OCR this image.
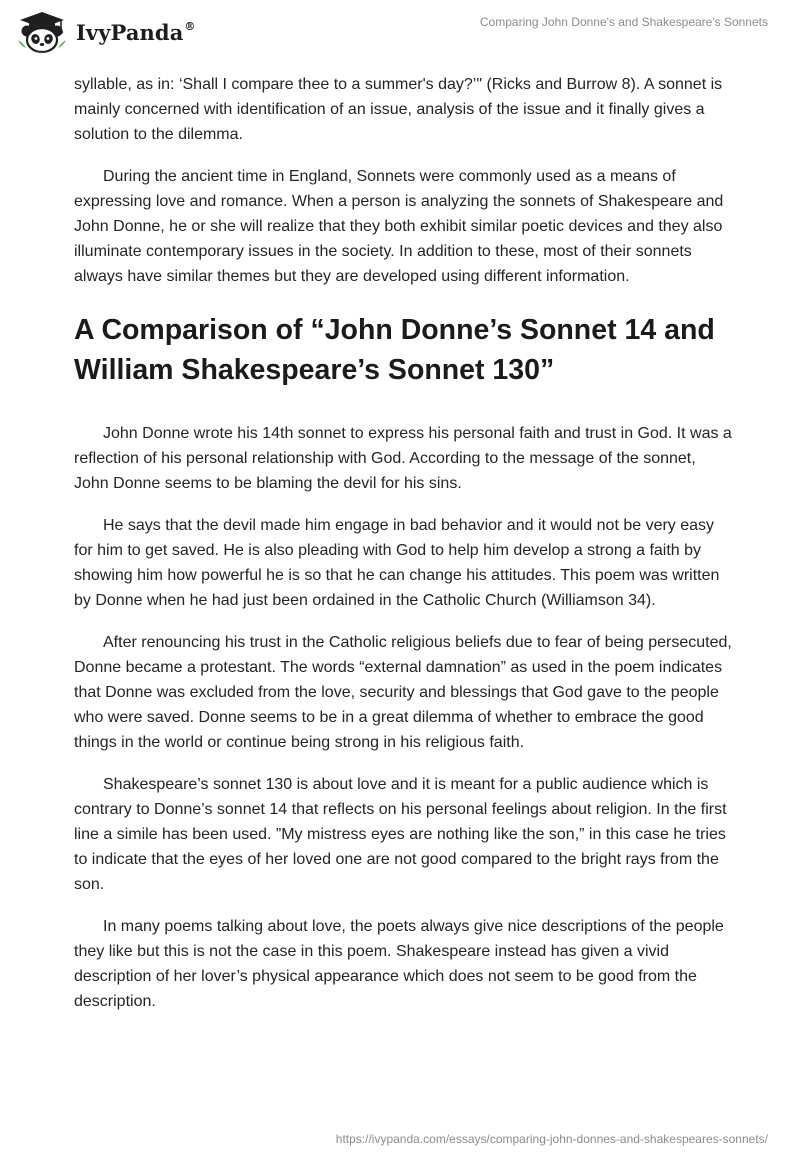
IvyPanda®	Comparing John Donne's and Shakespeare's Sonnets

syllable, as in: ‘Shall I compare thee to a summer's day?’" (Ricks and Burrow 8). A sonnet is mainly concerned with identification of an issue, analysis of the issue and it finally gives a solution to the dilemma.

During the ancient time in England, Sonnets were commonly used as a means of expressing love and romance. When a person is analyzing the sonnets of Shakespeare and John Donne, he or she will realize that they both exhibit similar poetic devices and they also illuminate contemporary issues in the society. In addition to these, most of their sonnets always have similar themes but they are developed using different information.

A Comparison of “John Donne’s Sonnet 14 and William Shakespeare’s Sonnet 130”

John Donne wrote his 14th sonnet to express his personal faith and trust in God. It was a reflection of his personal relationship with God. According to the message of the sonnet, John Donne seems to be blaming the devil for his sins.

He says that the devil made him engage in bad behavior and it would not be very easy for him to get saved. He is also pleading with God to help him develop a strong a faith by showing him how powerful he is so that he can change his attitudes. This poem was written by Donne when he had just been ordained in the Catholic Church (Williamson 34).

After renouncing his trust in the Catholic religious beliefs due to fear of being persecuted, Donne became a protestant. The words “external damnation” as used in the poem indicates that Donne was excluded from the love, security and blessings that God gave to the people who were saved. Donne seems to be in a great dilemma of whether to embrace the good things in the world or continue being strong in his religious faith.

Shakespeare’s sonnet 130 is about love and it is meant for a public audience which is contrary to Donne’s sonnet 14 that reflects on his personal feelings about religion. In the first line a simile has been used. ”My mistress eyes are nothing like the son,” in this case he tries to indicate that the eyes of her loved one are not good compared to the bright rays from the son.

In many poems talking about love, the poets always give nice descriptions of the people they like but this is not the case in this poem. Shakespeare instead has given a vivid description of her lover’s physical appearance which does not seem to be good from the description.

https://ivypanda.com/essays/comparing-john-donnes-and-shakespeares-sonnets/
